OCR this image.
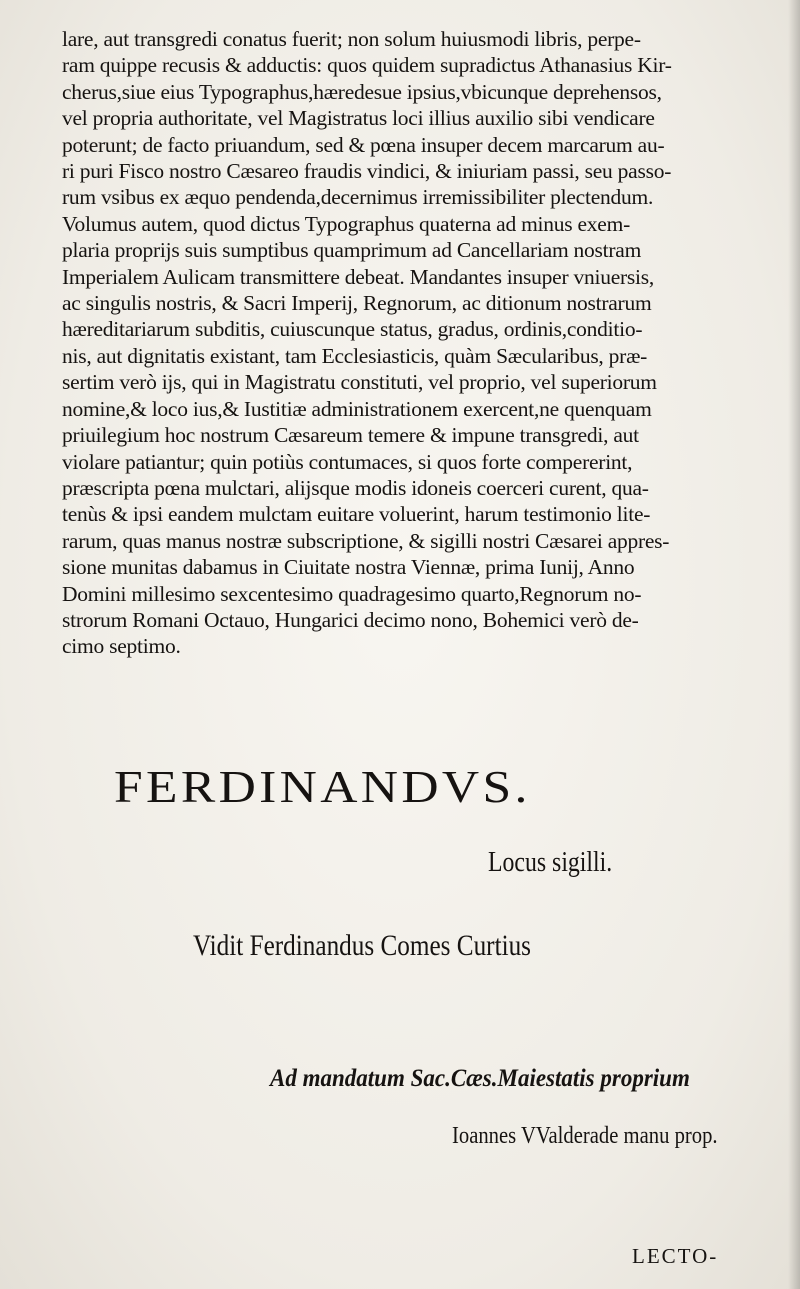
lare, aut transgredi conatus fuerit; non solum huiusmodi libris, perpe-
ram quippe recusis & adductis: quos quidem supradictus Athanasius Kir-
cherus,siue eius Typographus,hæredesue ipsius,vbicunque deprehensos,
vel propria authoritate, vel Magistratus loci illius auxilio sibi vendicare
poterunt; de facto priuandum, sed & pœna insuper decem marcarum au-
ri puri Fisco nostro Cæsareo fraudis vindici, & iniuriam passi, seu passo-
rum vsibus ex æquo pendenda,decernimus irremissibiliter plectendum.
Volumus autem, quod dictus Typographus quaterna ad minus exem-
plaria proprijs suis sumptibus quamprimum ad Cancellariam nostram
Imperialem Aulicam transmittere debeat. Mandantes insuper vniuersis,
ac singulis nostris, & Sacri Imperij, Regnorum, ac ditionum nostrarum
hæreditariarum subditis, cuiuscunque status, gradus, ordinis,conditio-
nis, aut dignitatis existant, tam Ecclesiasticis, quàm Sæcularibus, præ-
sertim verò ijs, qui in Magistratu constituti, vel proprio, vel superiorum
nomine,& loco ius,& Iustitiæ administrationem exercent,ne quenquam
priuilegium hoc nostrum Cæsareum temere & impune transgredi, aut
violare patiantur; quin potiùs contumaces, si quos forte compererint,
præscripta pœna mulctari, alijsque modis idoneis coerceri curent, qua-
tenùs & ipsi eandem mulctam euitare voluerint, harum testimonio lite-
rarum, quas manus nostræ subscriptione, & sigilli nostri Cæsarei appres-
sione munitas dabamus in Ciuitate nostra Viennæ, prima Iunij, Anno
Domini millesimo sexcentesimo quadragesimo quarto,Regnorum no-
strorum Romani Octauo, Hungarici decimo nono, Bohemici verò de-
cimo septimo.
FERDINANDVS.
Locus sigilli.
Vidit Ferdinandus Comes Curtius
Ad mandatum Sac.Cæs.Maiestatis proprium
Ioannes VValderade manu prop.
LECTO-
